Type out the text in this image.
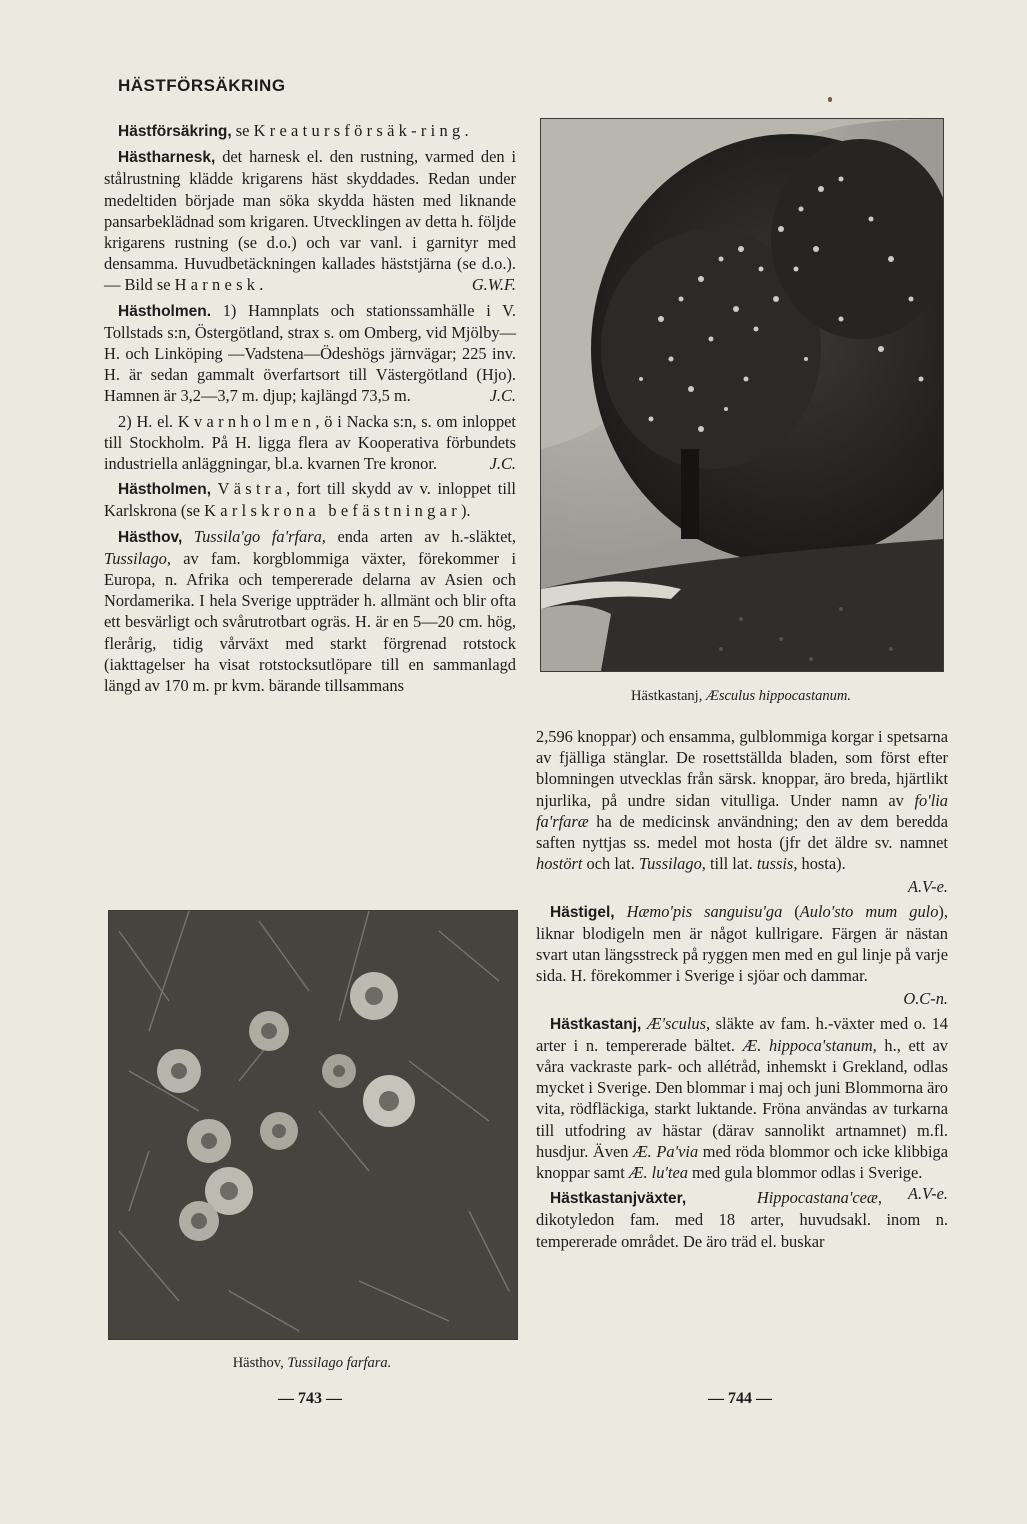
HÄSTFÖRSÄKRING

Hästförsäkring, se Kreatursförsäk-ring.

Hästharnesk, det harnesk el. den rustning, varmed den i stålrustning klädde krigarens häst skyddades. Redan under medeltiden började man söka skydda hästen med liknande pansarbeklädnad som krigaren. Utvecklingen av detta h. följde krigarens rustning (se d.o.) och var vanl. i garnityr med densamma. Huvudbetäckningen kallades häststjärna (se d.o.). — Bild se Harnesk.	G.W.F.

Hästholmen. 1) Hamnplats och stationssamhälle i V. Tollstads s:n, Östergötland, strax s. om Omberg, vid Mjölby—H. och Linköping —Vadstena—Ödeshögs järnvägar; 225 inv. H. är sedan gammalt överfartsort till Västergötland (Hjo). Hamnen är 3,2—3,7 m. djup; kajlängd 73,5 m.	J.C.

2) H. el. Kvarnholmen, ö i Nacka s:n, s. om inloppet till Stockholm. På H. ligga flera av Kooperativa förbundets industriella anläggningar, bl.a. kvarnen Tre kronor.	J.C.

Hästholmen, Västra, fort till skydd av v. inloppet till Karlskrona (se Karlskrona befästningar).

Hästhov, Tussila'go fa'rfara, enda arten av h.-släktet, Tussilago, av fam. korgblommiga växter, förekommer i Europa, n. Afrika och tempererade delarna av Asien och Nordamerika. I hela Sverige uppträder h. allmänt och blir ofta ett besvärligt och svårutrotbart ogräs. H. är en 5—20 cm. hög, flerårig, tidig vårväxt med starkt förgrenad rotstock (iakttagelser ha visat rotstocksutlöpare till en sammanlagd längd av 170 m. pr kvm. bärande tillsammans

Hästkastanj, Æsculus hippocastanum.
Hästhov, Tussilago farfara.

2,596 knoppar) och ensamma, gulblommiga korgar i spetsarna av fjälliga stänglar. De rosettställda bladen, som först efter blomningen utvecklas från särsk. knoppar, äro breda, hjärtlikt njurlika, på undre sidan vitulliga. Under namn av fo'lia fa'rfaræ ha de medicinsk användning; den av dem beredda saften nyttjas ss. medel mot hosta (jfr det äldre sv. namnet hostört och lat. Tussilago, till lat. tussis, hosta).

A.V-e.

Hästigel, Hæmo'pis sanguisu'ga (Aulo'sto mum gulo), liknar blodigeln men är något kullrigare. Färgen är nästan svart utan längsstreck på ryggen men med en gul linje på varje sida. H. förekommer i Sverige i sjöar och dammar.

O.C-n.

Hästkastanj, Æ'sculus, släkte av fam. h.-växter med o. 14 arter i n. tempererade bältet. Æ. hippoca'stanum, h., ett av våra vackraste park- och allétråd, inhemskt i Grekland, odlas mycket i Sverige. Den blommar i maj och juni Blommorna äro vita, rödfläckiga, starkt luktande. Fröna användas av turkarna till utfodring av hästar (därav sannolikt artnamnet) m.fl. husdjur. Även Æ. Pa'via med röda blommor och icke klibbiga knoppar samt Æ. lu'tea med gula blommor odlas i Sverige.
A.V-e.

Hästkastanjväxter, Hippocastana'ceæ, dikotyledon fam. med 18 arter, huvudsakl. inom n. tempererade området. De äro träd el. buskar

— 743 —	— 744 —
